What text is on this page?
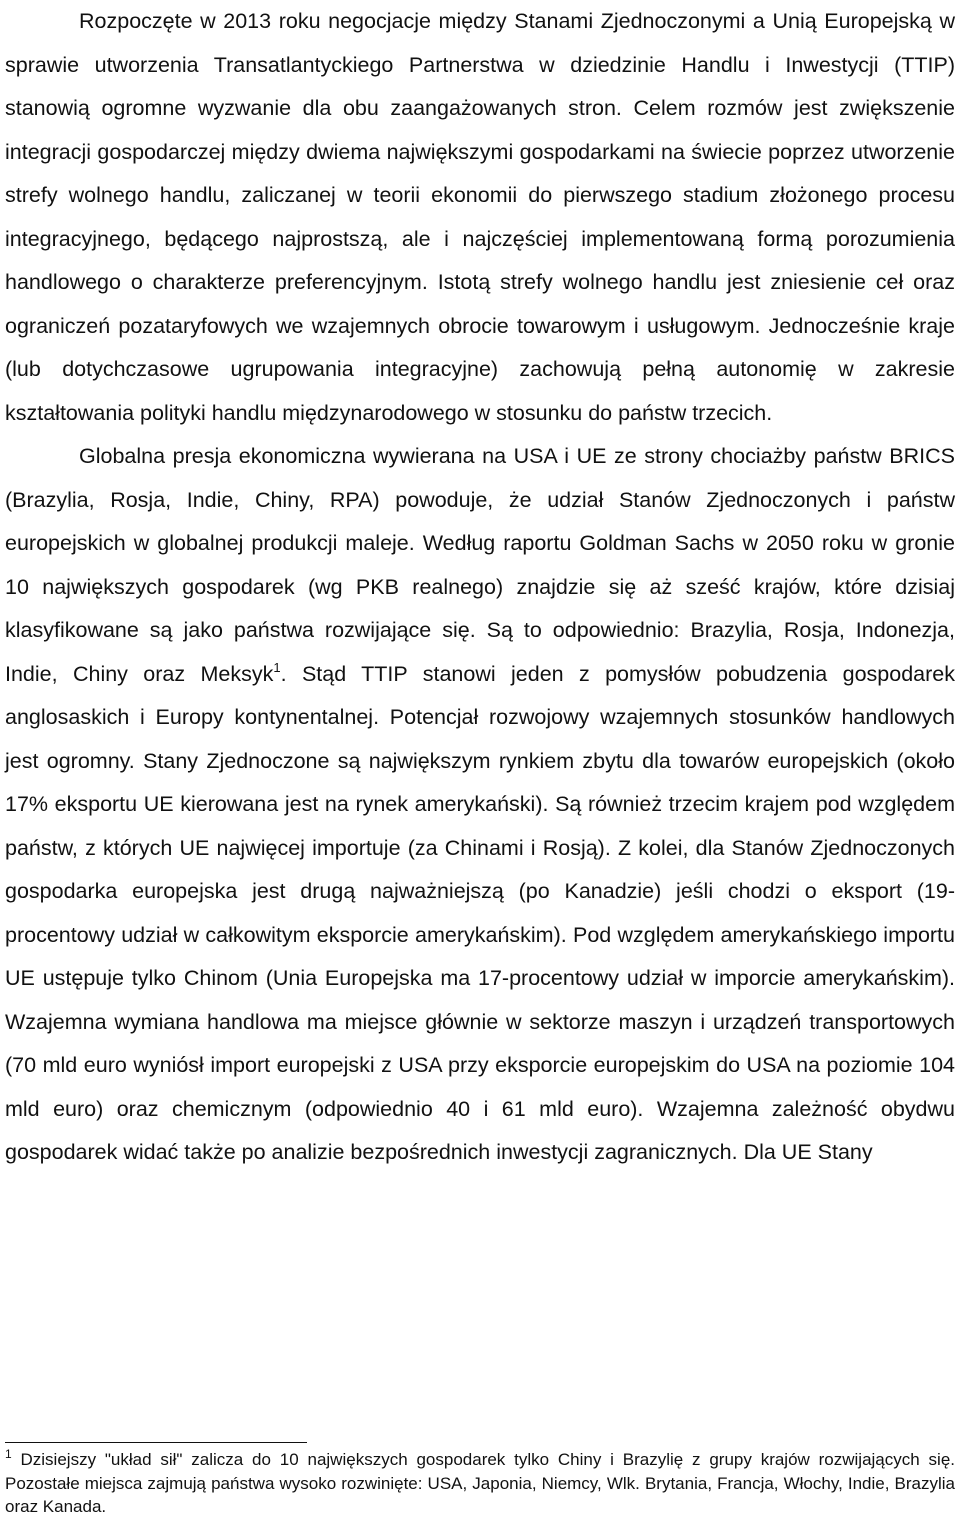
Rozpoczęte w 2013 roku negocjacje między Stanami Zjednoczonymi a Unią Europejską w sprawie utworzenia Transatlantyckiego Partnerstwa w dziedzinie Handlu i Inwestycji (TTIP) stanowią ogromne wyzwanie dla obu zaangażowanych stron. Celem rozmów jest zwiększenie integracji gospodarczej między dwiema największymi gospodarkami na świecie poprzez utworzenie strefy wolnego handlu, zaliczanej w teorii ekonomii do pierwszego stadium złożonego procesu integracyjnego, będącego najprostszą, ale i najczęściej implementowaną formą porozumienia handlowego o charakterze preferencyjnym. Istotą strefy wolnego handlu jest zniesienie ceł oraz ograniczeń pozataryfowych we wzajemnych obrocie towarowym i usługowym. Jednocześnie kraje (lub dotychczasowe ugrupowania integracyjne) zachowują pełną autonomię w zakresie kształtowania polityki handlu międzynarodowego w stosunku do państw trzecich.

Globalna presja ekonomiczna wywierana na USA i UE ze strony chociażby państw BRICS (Brazylia, Rosja, Indie, Chiny, RPA) powoduje, że udział Stanów Zjednoczonych i państw europejskich w globalnej produkcji maleje. Według raportu Goldman Sachs w 2050 roku w gronie 10 największych gospodarek (wg PKB realnego) znajdzie się aż sześć krajów, które dzisiaj klasyfikowane są jako państwa rozwijające się. Są to odpowiednio: Brazylia, Rosja, Indonezja, Indie, Chiny oraz Meksyk$^1$. Stąd TTIP stanowi jeden z pomysłów pobudzenia gospodarek anglosaskich i Europy kontynentalnej. Potencjał rozwojowy wzajemnych stosunków handlowych jest ogromny. Stany Zjednoczone są największym rynkiem zbytu dla towarów europejskich (około 17% eksportu UE kierowana jest na rynek amerykański). Są również trzecim krajem pod względem państw, z których UE najwięcej importuje (za Chinami i Rosją). Z kolei, dla Stanów Zjednoczonych gospodarka europejska jest drugą najważniejszą (po Kanadzie) jeśli chodzi o eksport (19-procentowy udział w całkowitym eksporcie amerykańskim). Pod względem amerykańskiego importu UE ustępuje tylko Chinom (Unia Europejska ma 17-procentowy udział w imporcie amerykańskim). Wzajemna wymiana handlowa ma miejsce głównie w sektorze maszyn i urządzeń transportowych (70 mld euro wyniósł import europejski z USA przy eksporcie europejskim do USA na poziomie 104 mld euro) oraz chemicznym (odpowiednio 40 i 61 mld euro). Wzajemna zależność obydwu gospodarek widać także po analizie bezpośrednich inwestycji zagranicznych. Dla UE Stany

$^1$ Dzisiejszy "układ sił" zalicza do 10 największych gospodarek tylko Chiny i Brazylię z grupy krajów rozwijających się. Pozostałe miejsca zajmują państwa wysoko rozwinięte: USA, Japonia, Niemcy, Wlk. Brytania, Francja, Włochy, Indie, Brazylia oraz Kanada.
